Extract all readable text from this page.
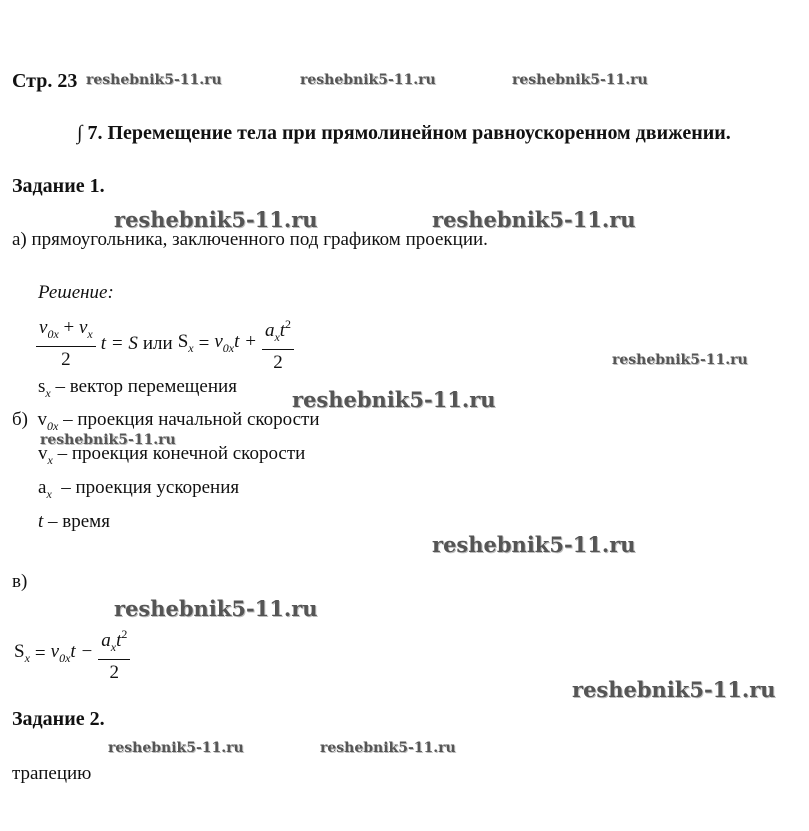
Стр. 23
∫ 7. Перемещение тела при прямолинейном равноускоренном движении.
reshebnik5-11.ru	reshebnik5-11.ru	reshebnik5-11.ru
reshebnik5-11.ru	reshebnik5-11.ru
reshebnik5-11.ru
reshebnik5-11.ru
reshebnik5-11.ru
reshebnik5-11.ru
reshebnik5-11.ru
reshebnik5-11.ru
reshebnik5-11.ru	reshebnik5-11.ru
Задание 1.
а) прямоугольника, заключенного под графиком проекции.
Решение:
$\frac{v_{0x} + v_x}{2}$ t = S или $S_x = v_{0x}t + \frac{a_xt^2}{2}$
$s_x$ – вектор перемещения
б) $v_{0x}$ – проекция начальной скорости
$v_x$ – проекция конечной скорости
$a_x$  – проекция ускорения
t – время
в)
$S_x = v_{0x}t - \frac{a_xt^2}{2}$
Задание 2.
трапецию
